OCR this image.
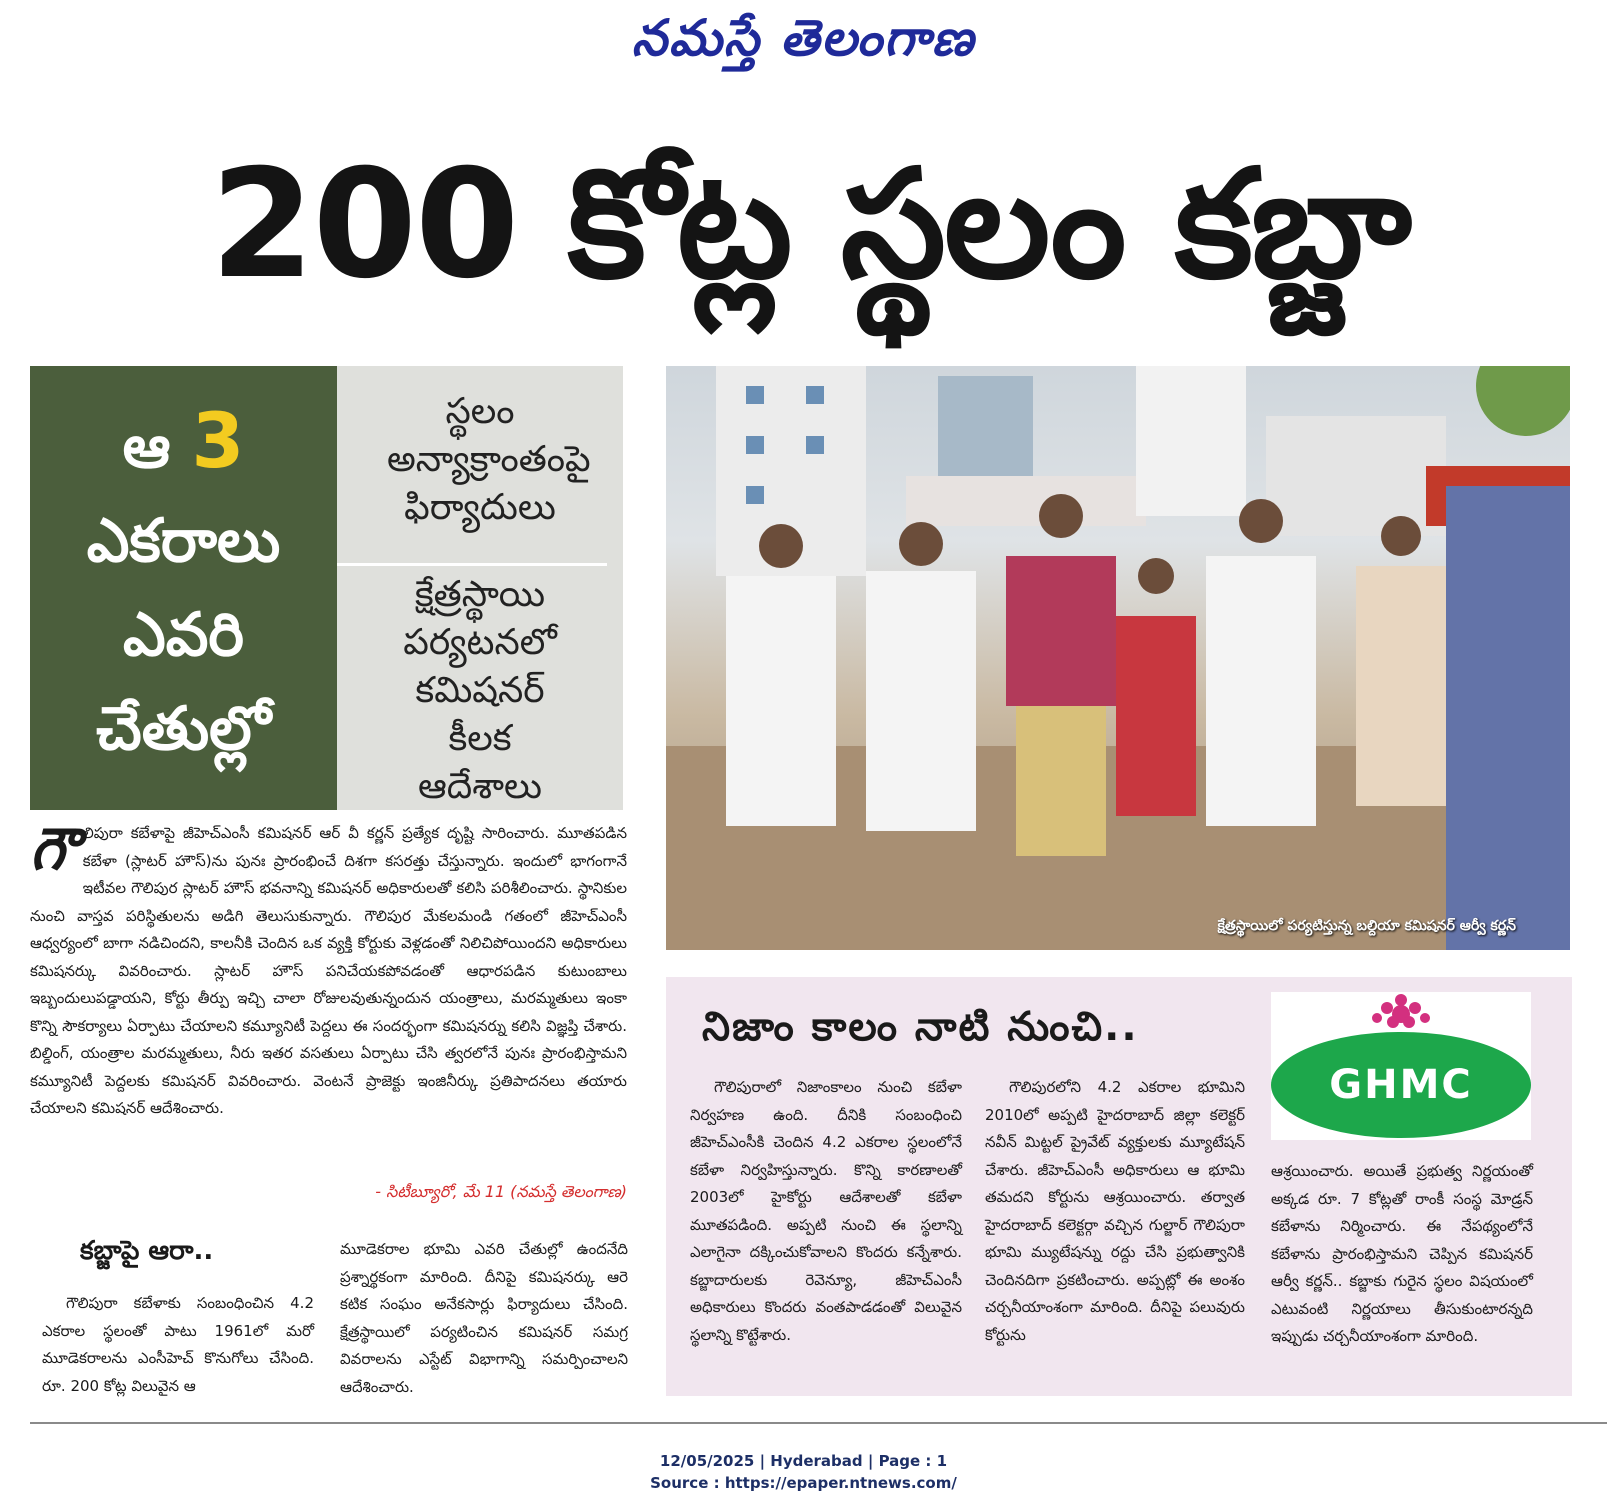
నమస్తే తెలంగాణ
200 కోట్ల స్థలం కబ్జా
ఆ 3
ఎకరాలు
ఎవరి
చేతుల్లో
స్థలం అన్యాక్రాంతంపై ఫిర్యాదులు
క్షేత్రస్థాయి పర్యటనలో కమిషనర్ కీలక ఆదేశాలు
క్షేత్రస్థాయిలో పర్యటిస్తున్న బల్దియా కమిషనర్ ఆర్వీ కర్ణన్
గౌ లిపురా కబేళాపై జీహెచ్ఎంసీ కమిషనర్ ఆర్ వీ కర్ణన్ ప్రత్యేక దృష్టి సారించారు. మూతపడిన కబేళా (స్లాటర్ హౌస్)ను పునః ప్రారంభించే దిశగా కసరత్తు చేస్తున్నారు. ఇందులో భాగంగానే ఇటీవల గౌలిపుర స్లాటర్ హౌస్ భవనాన్ని కమిషనర్ అధికారులతో కలిసి పరిశీలించారు. స్థానికుల నుంచి వాస్తవ పరిస్థితులను అడిగి తెలుసుకున్నారు. గౌలిపుర మేకలమండి గతంలో జీహెచ్ఎంసీ ఆధ్వర్యంలో బాగా నడిచిందని, కాలనీకి చెందిన ఒక వ్యక్తి కోర్టుకు వెళ్లడంతో నిలిచిపోయిందని అధికారులు కమిషనర్కు వివరించారు. స్లాటర్ హౌస్ పనిచేయకపోవడంతో ఆధారపడిన కుటుంబాలు ఇబ్బందులుపడ్డాయని, కోర్టు తీర్పు ఇచ్చి చాలా రోజులవుతున్నందున యంత్రాలు, మరమ్మతులు ఇంకా కొన్ని సౌకర్యాలు ఏర్పాటు చేయాలని కమ్యూనిటీ పెద్దలు ఈ సందర్భంగా కమిషనర్ను కలిసి విజ్ఞప్తి చేశారు. బిల్డింగ్, యంత్రాల మరమ్మతులు, నీరు ఇతర వసతులు ఏర్పాటు చేసి త్వరలోనే పునః ప్రారంభిస్తామని కమ్యూనిటీ పెద్దలకు కమిషనర్ వివరించారు. వెంటనే ప్రాజెక్టు ఇంజినీర్కు ప్రతిపాదనలు తయారు చేయాలని కమిషనర్ ఆదేశించారు.
- సిటీబ్యూరో, మే 11 (నమస్తే తెలంగాణ)
కబ్జాపై ఆరా..
గౌలిపురా కబేళాకు సంబంధించిన 4.2 ఎకరాల స్థలంతో పాటు 1961లో మరో మూడెకరాలను ఎంసీహెచ్ కొనుగోలు చేసింది. రూ. 200 కోట్ల విలువైన ఆ
మూడెకరాల భూమి ఎవరి చేతుల్లో ఉందనేది ప్రశ్నార్థకంగా మారింది. దీనిపై కమిషనర్కు ఆరె కటిక సంఘం అనేకసార్లు ఫిర్యాదులు చేసింది. క్షేత్రస్థాయిలో పర్యటించిన కమిషనర్ సమగ్ర వివరాలను ఎస్టేట్ విభాగాన్ని సమర్పించాలని ఆదేశించారు.
నిజాం కాలం నాటి నుంచి..
GHMC
గౌలిపురాలో నిజాంకాలం నుంచి కబేళా నిర్వహణ ఉంది. దీనికి సంబంధించి జీహెచ్ఎంసీకి చెందిన 4.2 ఎకరాల స్థలంలోనే కబేళా నిర్వహిస్తున్నారు. కొన్ని కారణాలతో 2003లో హైకోర్టు ఆదేశాలతో కబేళా మూతపడింది. అప్పటి నుంచి ఈ స్థలాన్ని ఎలాగైనా దక్కించుకోవాలని కొందరు కన్నేశారు. కబ్జాదారులకు రెవెన్యూ, జీహెచ్ఎంసీ అధికారులు కొందరు వంతపాడడంతో విలువైన స్థలాన్ని కొట్టేశారు.
గౌలిపురలోని 4.2 ఎకరాల భూమిని 2010లో అప్పటి హైదరాబాద్ జిల్లా కలెక్టర్ నవీన్ మిట్టల్ ప్రైవేట్ వ్యక్తులకు మ్యూటేషన్ చేశారు. జీహెచ్ఎంసీ అధికారులు ఆ భూమి తమదని కోర్టును ఆశ్రయించారు. తర్వాత హైదరాబాద్ కలెక్టర్గా వచ్చిన గుల్జార్ గౌలిపురా భూమి మ్యుటేషన్ను రద్దు చేసి ప్రభుత్వానికి చెందినదిగా ప్రకటించారు. అప్పట్లో ఈ అంశం చర్చనీయాంశంగా మారింది. దీనిపై పలువురు కోర్టును
ఆశ్రయించారు. అయితే ప్రభుత్వ నిర్ణయంతో అక్కడ రూ. 7 కోట్లతో రాంకీ సంస్థ మోడ్రన్ కబేళాను నిర్మించారు. ఈ నేపథ్యంలోనే కబేళాను ప్రారంభిస్తామని చెప్పిన కమిషనర్ ఆర్వీ కర్ణన్.. కబ్జాకు గురైన స్థలం విషయంలో ఎటువంటి నిర్ణయాలు తీసుకుంటారన్నది ఇప్పుడు చర్చనీయాంశంగా మారింది.
12/05/2025 | Hyderabad | Page : 1
Source : https://epaper.ntnews.com/
